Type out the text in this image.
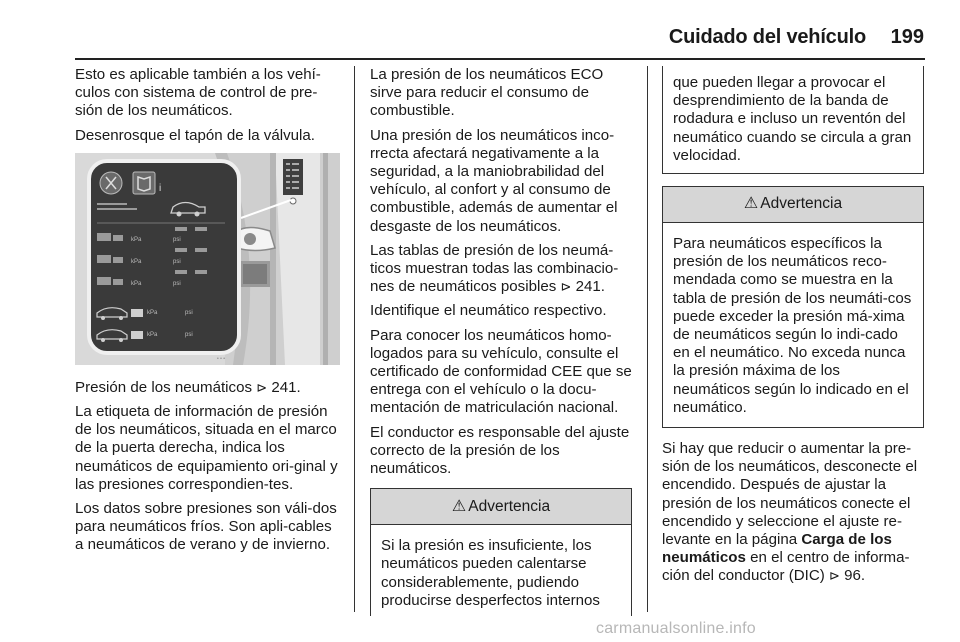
Cuidado del vehículo	199

Esto es aplicable también a los vehí-culos con sistema de control de pre-sión de los neumáticos.

Desenrosque el tapón de la válvula.

i
kPa
kPa
kPa
psi
psi
psi
kPa
kPa
psi
psi
• • •

Presión de los neumáticos ⊳ 241.

La etiqueta de información de presión de los neumáticos, situada en el marco de la puerta derecha, indica los neumáticos de equipamiento ori-ginal y las presiones correspondien-tes.

Los datos sobre presiones son váli-dos para neumáticos fríos. Son apli-cables a neumáticos de verano y de invierno.

La presión de los neumáticos ECO sirve para reducir el consumo de combustible.

Una presión de los neumáticos inco-rrecta afectará negativamente a la seguridad, a la maniobrabilidad del vehículo, al confort y al consumo de combustible, además de aumentar el desgaste de los neumáticos.

Las tablas de presión de los neumá-ticos muestran todas las combinacio-nes de neumáticos posibles ⊳ 241.

Identifique el neumático respectivo.

Para conocer los neumáticos homo-logados para su vehículo, consulte el certificado de conformidad CEE que se entrega con el vehículo o la docu-mentación de matriculación nacional.

El conductor es responsable del ajuste correcto de la presión de los neumáticos.

⚠ Advertencia

Si la presión es insuficiente, los neumáticos pueden calentarse considerablemente, pudiendo producirse desperfectos internos

que pueden llegar a provocar el desprendimiento de la banda de rodadura e incluso un reventón del neumático cuando se circula a gran velocidad.

⚠ Advertencia

Para neumáticos específicos la presión de los neumáticos reco-mendada como se muestra en la tabla de presión de los neumáti-cos puede exceder la presión má-xima de neumáticos según lo indi-cado en el neumático. No exceda nunca la presión máxima de los neumáticos según lo indicado en el neumático.

Si hay que reducir o aumentar la pre-sión de los neumáticos, desconecte el encendido. Después de ajustar la presión de los neumáticos conecte el encendido y seleccione el ajuste re-levante en la página Carga de los neumáticos en el centro de informa-ción del conductor (DIC) ⊳ 96.

carmanualsonline.info
